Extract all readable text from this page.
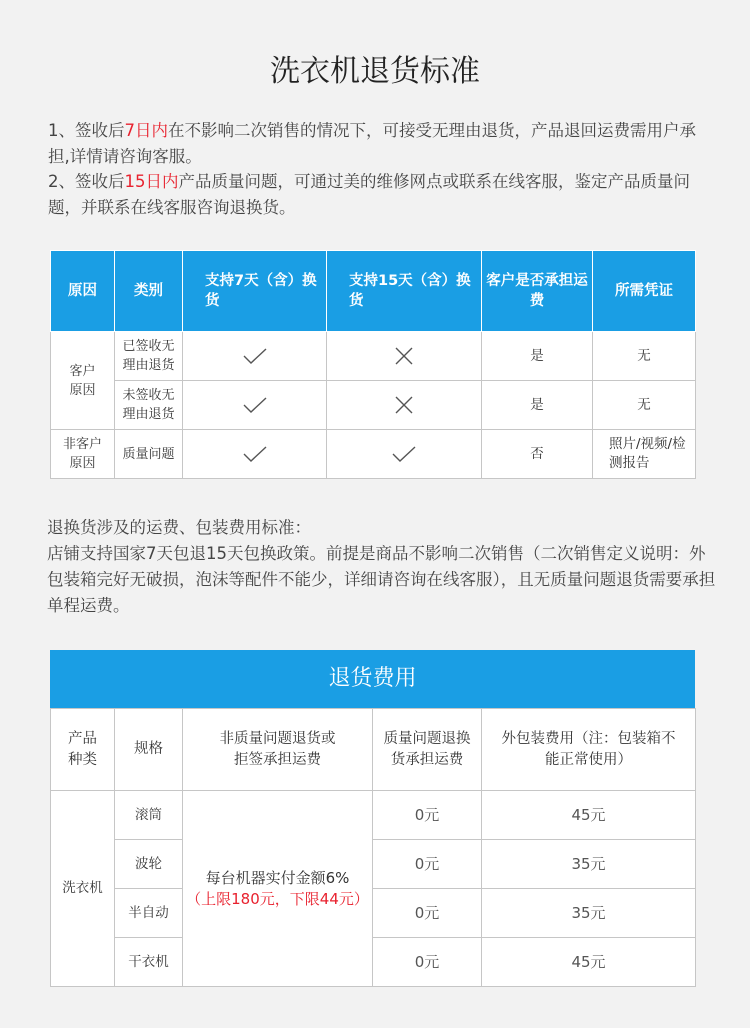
洗衣机退货标准

1、签收后7日内在不影响二次销售的情况下，可接受无理由退货，产品退回运费需用户承担,详情请咨询客服。

2、签收后15日内产品质量问题，可通过美的维修网点或联系在线客服，鉴定产品质量问题，并联系在线客服咨询退换货。

原因	类别	支持7天（含）换货	支持15天（含）换货	客户是否承担运费	所需凭证
客户原因	已签收无理由退货			是	无
	未签收无理由退货			是	无
非客户原因	质量问题			否	照片/视频/检测报告

退换货涉及的运费、包装费用标准：

店铺支持国家7天包退15天包换政策。前提是商品不影响二次销售（二次销售定义说明：外包装箱完好无破损，泡沫等配件不能少，详细请咨询在线客服），且无质量问题退货需要承担单程运费。

退货费用
产品种类	规格	非质量问题退货或拒签承担运费	质量问题退换货承担运费	外包装费用（注：包装箱不能正常使用）
洗衣机	滚筒	每台机器实付金额6%
（上限180元，下限44元）	0元	45元
	波轮		0元	35元
	半自动		0元	35元
	干衣机		0元	45元
